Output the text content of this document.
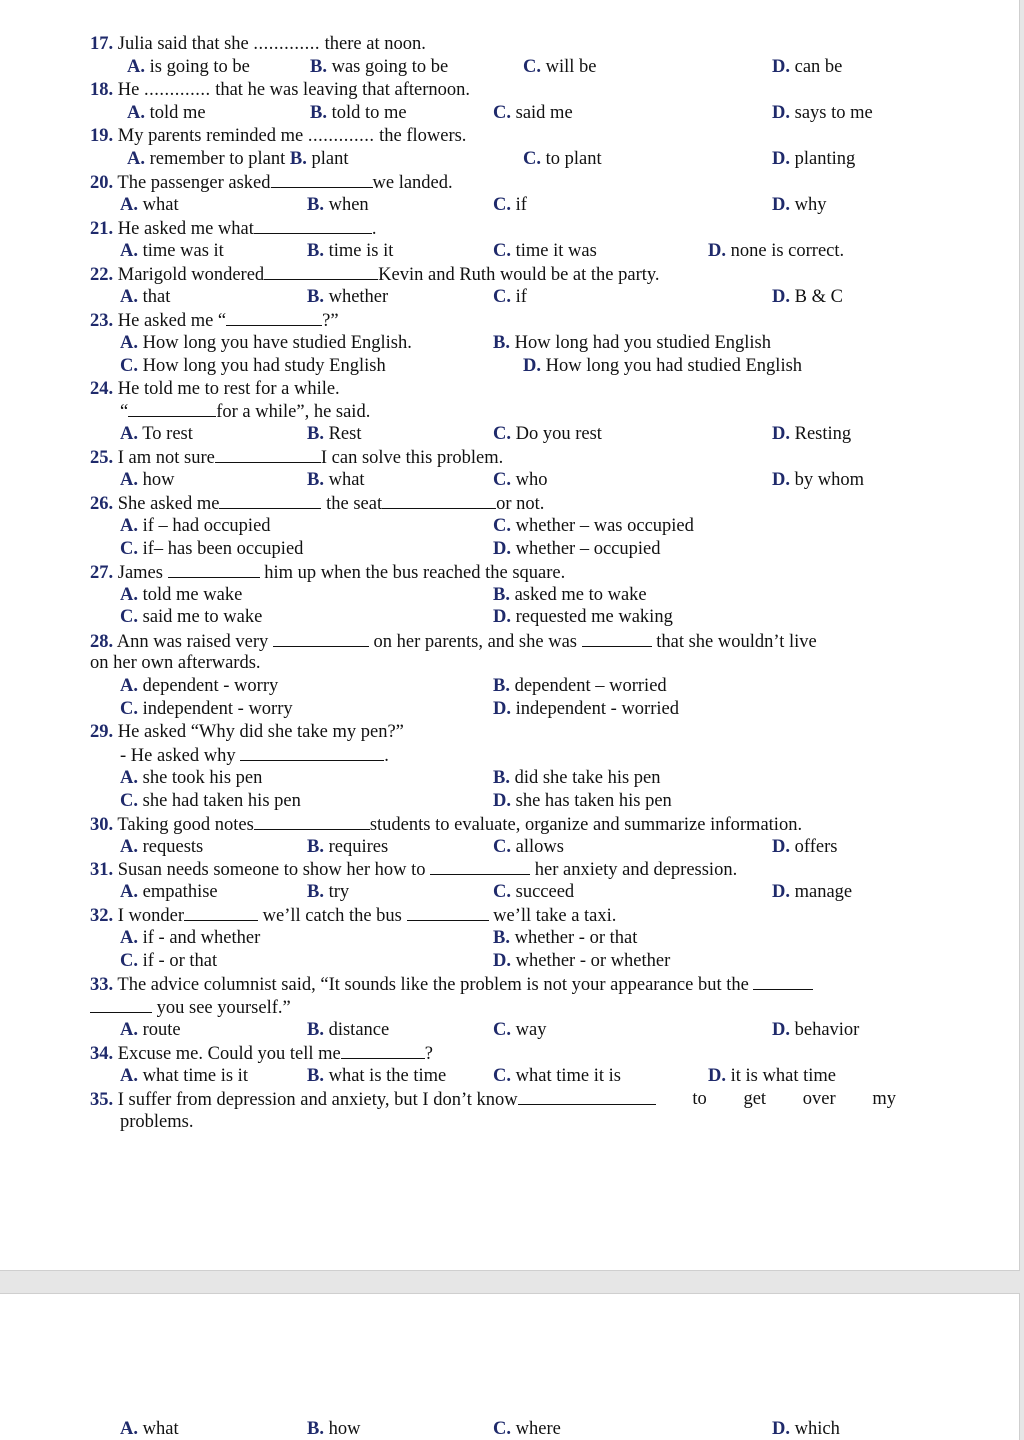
17. Julia said that she ............. there at noon.
A. is going to be	B. was going to be	C. will be	D. can be
18. He ............. that he was leaving that afternoon.
A. told me	B. told to me	C. said me	D. says to me
19. My parents reminded me ............. the flowers.
A. remember to plant B. plant	C. to plant	D. planting
20. The passenger asked	we landed.
A. what	B. when	C. if	D. why
21. He asked me what	.
A. time was it	B. time is it	C. time it was	D. none is correct.
22. Marigold wondered	Kevin and Ruth would be at the party.
A. that	B. whether	C. if	D. B & C
23. He asked me “	?”
A. How long you have studied English.	B. How long had you studied English
C. How long you had study English	D. How long you had studied English
24. He told me to rest for a while.
“	for a while”, he said.
A. To rest	B. Rest	C. Do you rest	D. Resting
25. I am not sure	I can solve this problem.
A. how	B. what	C. who	D. by whom
26. She asked me	the seat	or not.
A. if – had occupied	C. whether – was occupied
C. if– has been occupied	D. whether – occupied
27. James	him up when the bus reached the square.
A. told me wake	B. asked me to wake
C. said me to wake	D. requested me waking
28. Ann was raised very	on her parents, and she was	that she wouldn’t live
on her own afterwards.
A. dependent - worry	B. dependent – worried
C. independent - worry	D. independent - worried
29. He asked “Why did she take my pen?”
- He asked why	.
A. she took his pen	B. did she take his pen
C. she had taken his pen	D. she has taken his pen
30. Taking good notes	students to evaluate, organize and summarize information.
A. requests	B. requires	C. allows	D. offers
31. Susan needs someone to show her how to	her anxiety and depression.
A. empathise	B. try	C. succeed	D. manage
32. I wonder	we’ll catch the bus	we’ll take a taxi.
A. if - and whether	B. whether - or that
C. if - or that	D. whether - or whether
33. The advice columnist said, “It sounds like the problem is not your appearance but the
you see yourself.”
A. route	B. distance	C. way	D. behavior
34. Excuse me. Could you tell me	?
A. what time is it	B. what is the time	C. what time it is	D. it is what time
35. I suffer from depression and anxiety, but I don’t know	to get over my
problems.
A. what	B. how	C. where	D. which
